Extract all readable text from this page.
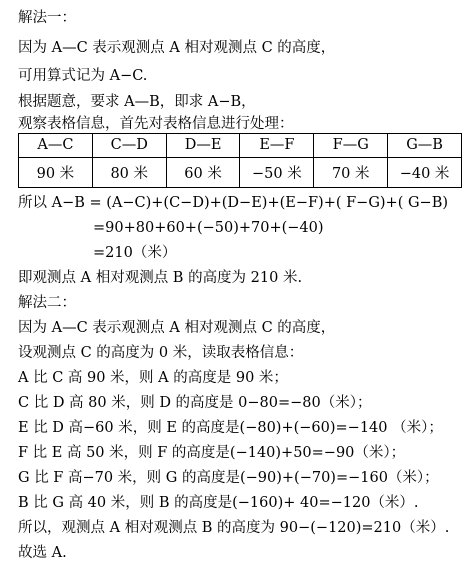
解法一：
因为 A—C 表示观测点 A 相对观测点 C 的高度，
可用算式记为 A−C.
根据题意，要求 A—B，即求 A−B，
观察表格信息，首先对表格信息进行处理：
A—C	C—D	D—E	E—F	F—G	G—B
90 米	80 米	60 米	−50 米	70 米	−40 米
所以 A−B = (A−C)+(C−D)+(D−E)+(E−F)+( F−G)+( G−B)
=90+80+60+(−50)+70+(−40)
=210（米）
即观测点 A 相对观测点 B 的高度为 210 米.
解法二：
因为 A—C 表示观测点 A 相对观测点 C 的高度，
设观测点 C 的高度为 0 米，读取表格信息：
A 比 C 高 90 米，则 A 的高度是 90 米；
C 比 D 高 80 米，则 D 的高度是 0−80=−80（米）；
E 比 D 高−60 米，则 E 的高度是(−80)+(−60)=−140 （米）；
F 比 E 高 50 米，则 F 的高度是(−140)+50=−90（米）；
G 比 F 高−70 米，则 G 的高度是(−90)+(−70)=−160（米）；
B 比 G 高 40 米，则 B 的高度是(−160)+ 40=−120（米）.
所以，观测点 A 相对观测点 B 的高度为 90−(−120)=210（米）.
故选 A.
